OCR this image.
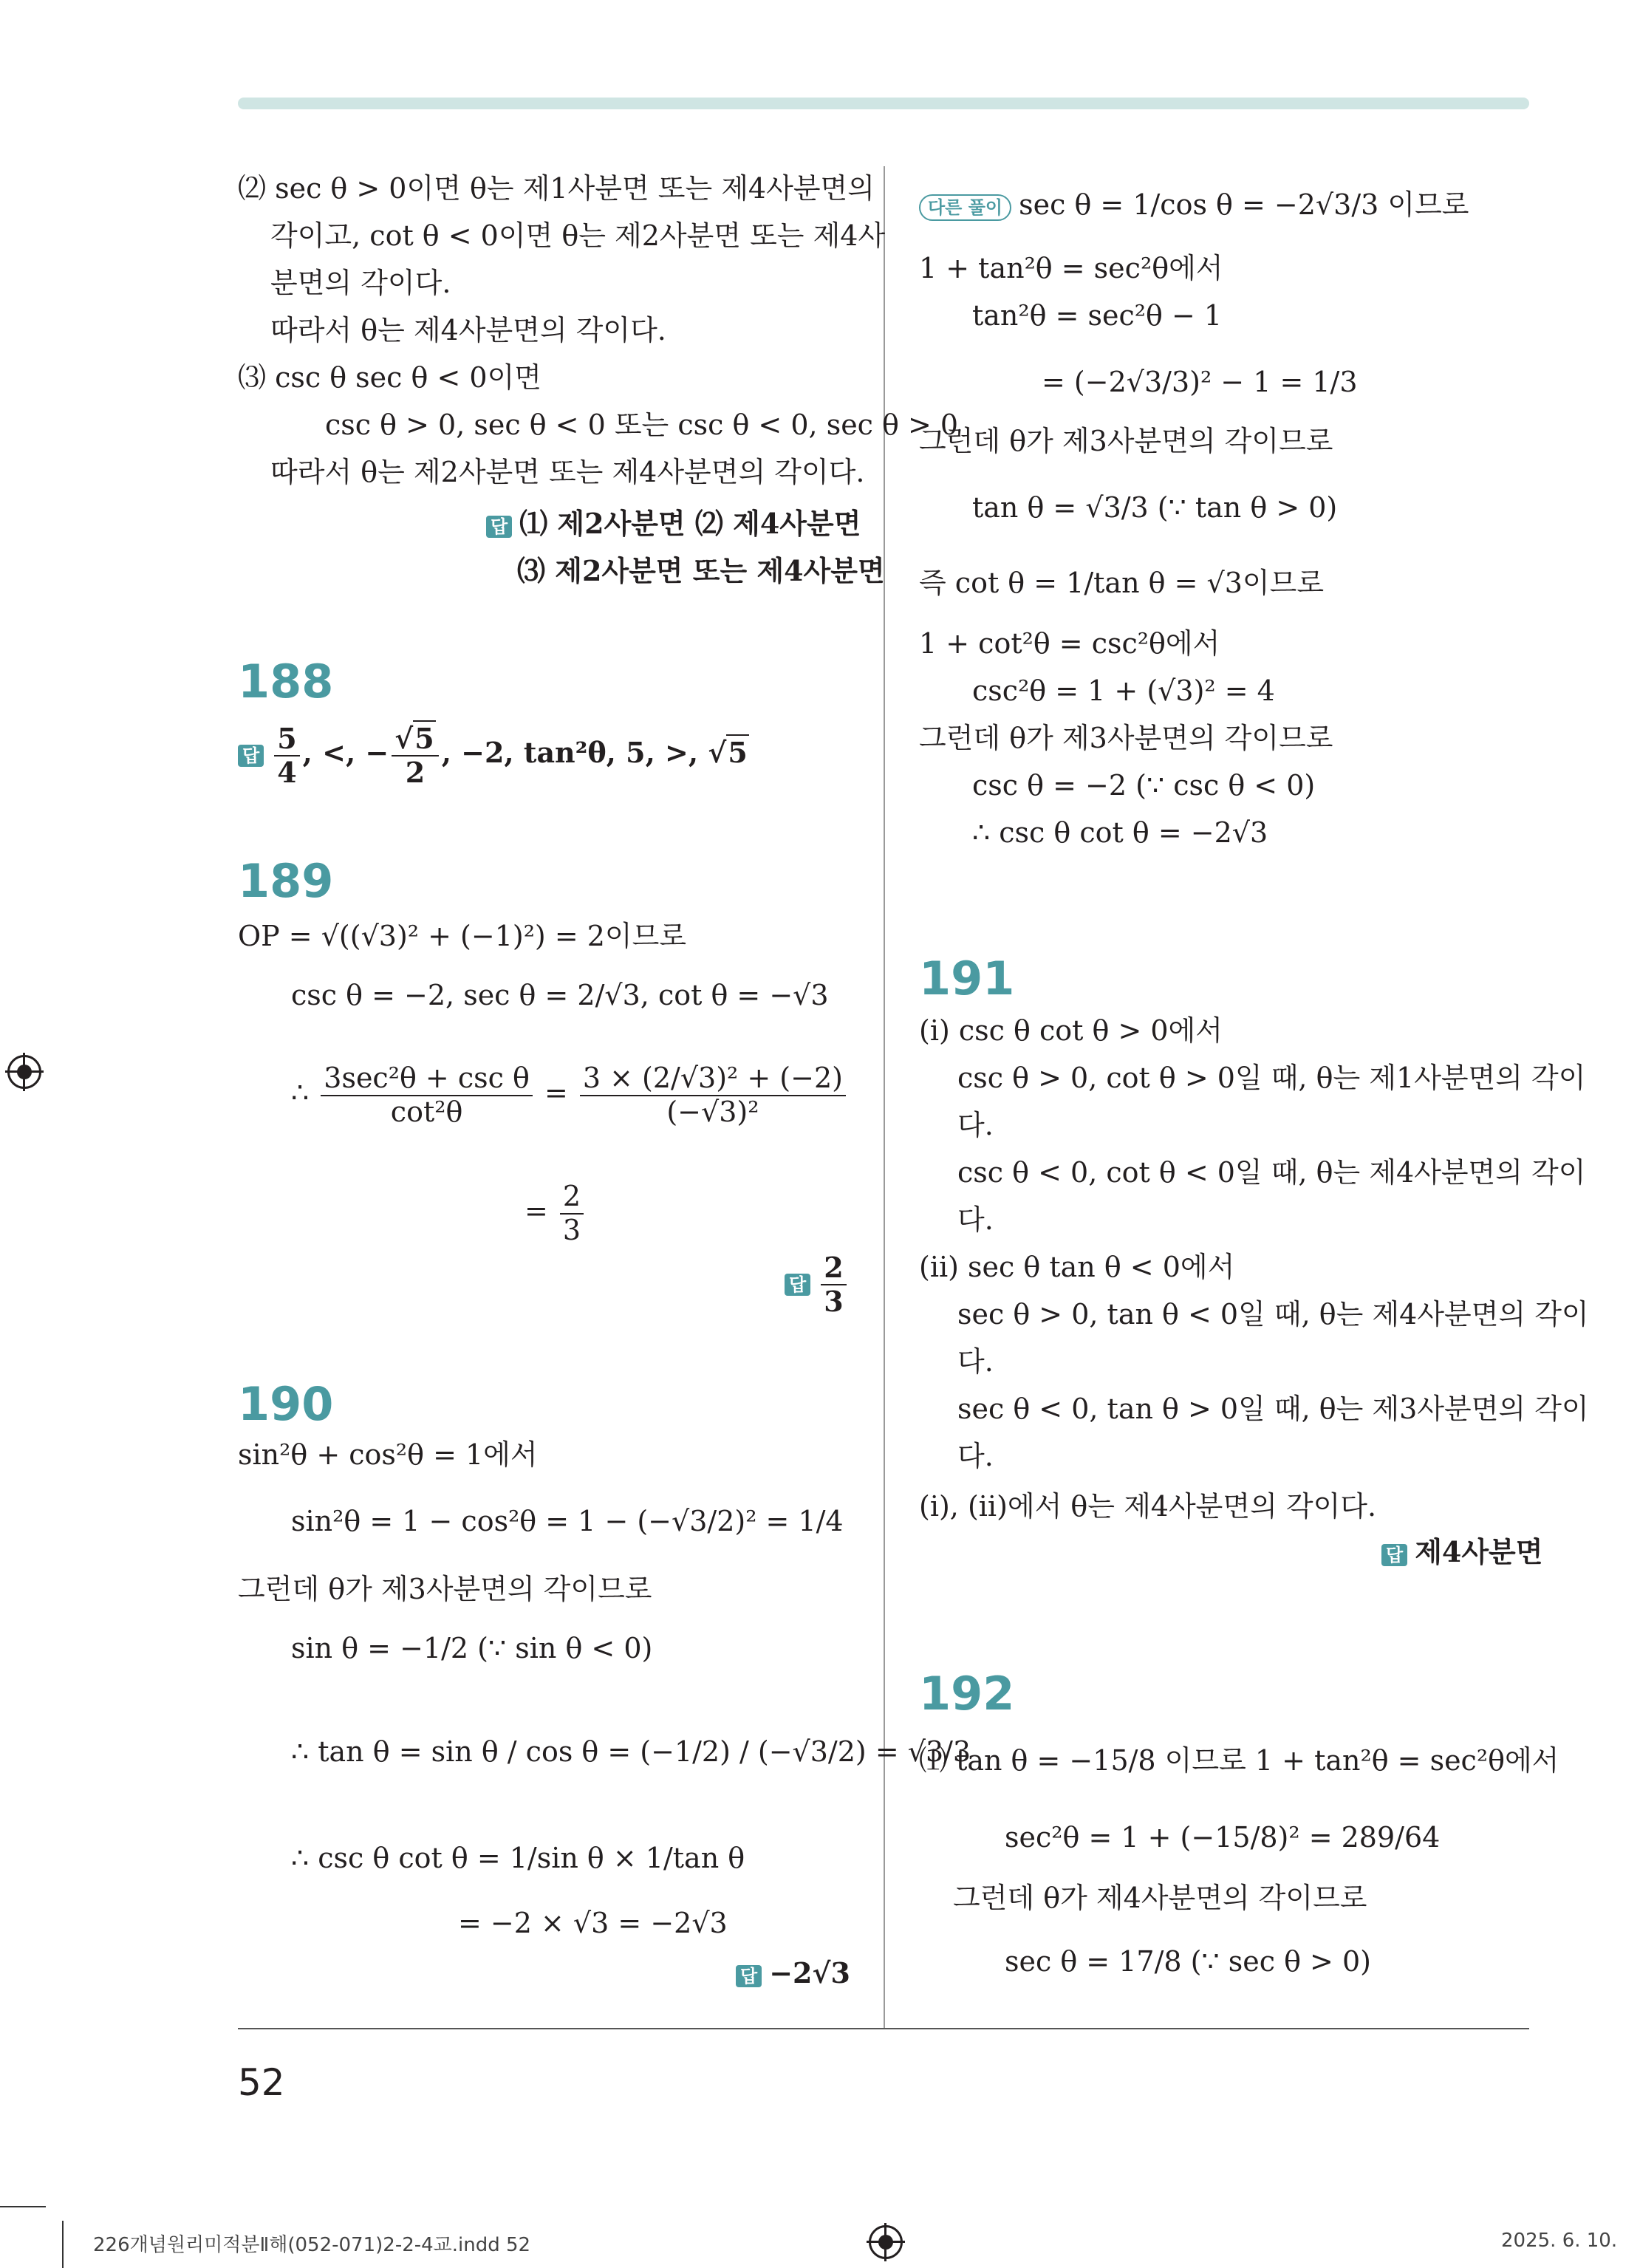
⑵ sec θ > 0이면 θ는 제1사분면 또는 제4사분면의
각이고, cot θ < 0이면 θ는 제2사분면 또는 제4사
분면의 각이다.
따라서 θ는 제4사분면의 각이다.
⑶ csc θ sec θ < 0이면
csc θ > 0, sec θ < 0 또는 csc θ < 0, sec θ > 0
따라서 θ는 제2사분면 또는 제4사분면의 각이다.
답 ⑴ 제2사분면 ⑵ 제4사분면
⑶ 제2사분면 또는 제4사분면
188
답 $\frac{5}{4}$ , <, −
√ $\frac{5}{2}$ , −2, tan²θ, 5, >, √ 5
189
OP = √((√3)² + (−1)²) = 2이므로
csc θ = −2, sec θ = 2/√3, cot θ = −√3
∴ $\frac{\text{3sec²θ + csc θ}}{\text{cot²θ}} = \frac{\text{3 × (2/√3)² + (−2)}}{\text{(−√3)²}}$
= $\frac{2}{3}$
답 $\frac{2}{3}$
190
sin²θ + cos²θ = 1에서
sin²θ = 1 − cos²θ = 1 − (−√3/2)² = 1/4
그런데 θ가 제3사분면의 각이므로
sin θ = −1/2 (∵ sin θ < 0)
∴ tan θ = sin θ / cos θ = (−1/2) / (−√3/2) = √3/3
∴ csc θ cot θ = 1/sin θ × 1/tan θ
= −2 × √3 = −2√3
답 −2√3
다른 풀이 sec θ = 1/cos θ = −2√3/3 이므로
1 + tan²θ = sec²θ에서
tan²θ = sec²θ − 1
= (−2√3/3)² − 1 = 1/3
그런데 θ가 제3사분면의 각이므로
tan θ = √3/3 (∵ tan θ > 0)
즉 cot θ = 1/tan θ = √3이므로
1 + cot²θ = csc²θ에서
csc²θ = 1 + (√3)² = 4
그런데 θ가 제3사분면의 각이므로
csc θ = −2 (∵ csc θ < 0)
∴ csc θ cot θ = −2√3
191
(ⅰ) csc θ cot θ > 0에서
csc θ > 0, cot θ > 0일 때, θ는 제1사분면의 각이
다.
csc θ < 0, cot θ < 0일 때, θ는 제4사분면의 각이
다.
(ⅱ) sec θ tan θ < 0에서
sec θ > 0, tan θ < 0일 때, θ는 제4사분면의 각이
다.
sec θ < 0, tan θ > 0일 때, θ는 제3사분면의 각이
다.
(ⅰ), (ⅱ)에서 θ는 제4사분면의 각이다.
답 제4사분면
192
⑴ tan θ = −15/8 이므로 1 + tan²θ = sec²θ에서
sec²θ = 1 + (−15/8)² = 289/64
그런데 θ가 제4사분면의 각이므로
sec θ = 17/8 (∵ sec θ > 0)
52
226개념원리미적분Ⅱ해(052-071)2-2-4교.indd 52	2025. 6. 10.
